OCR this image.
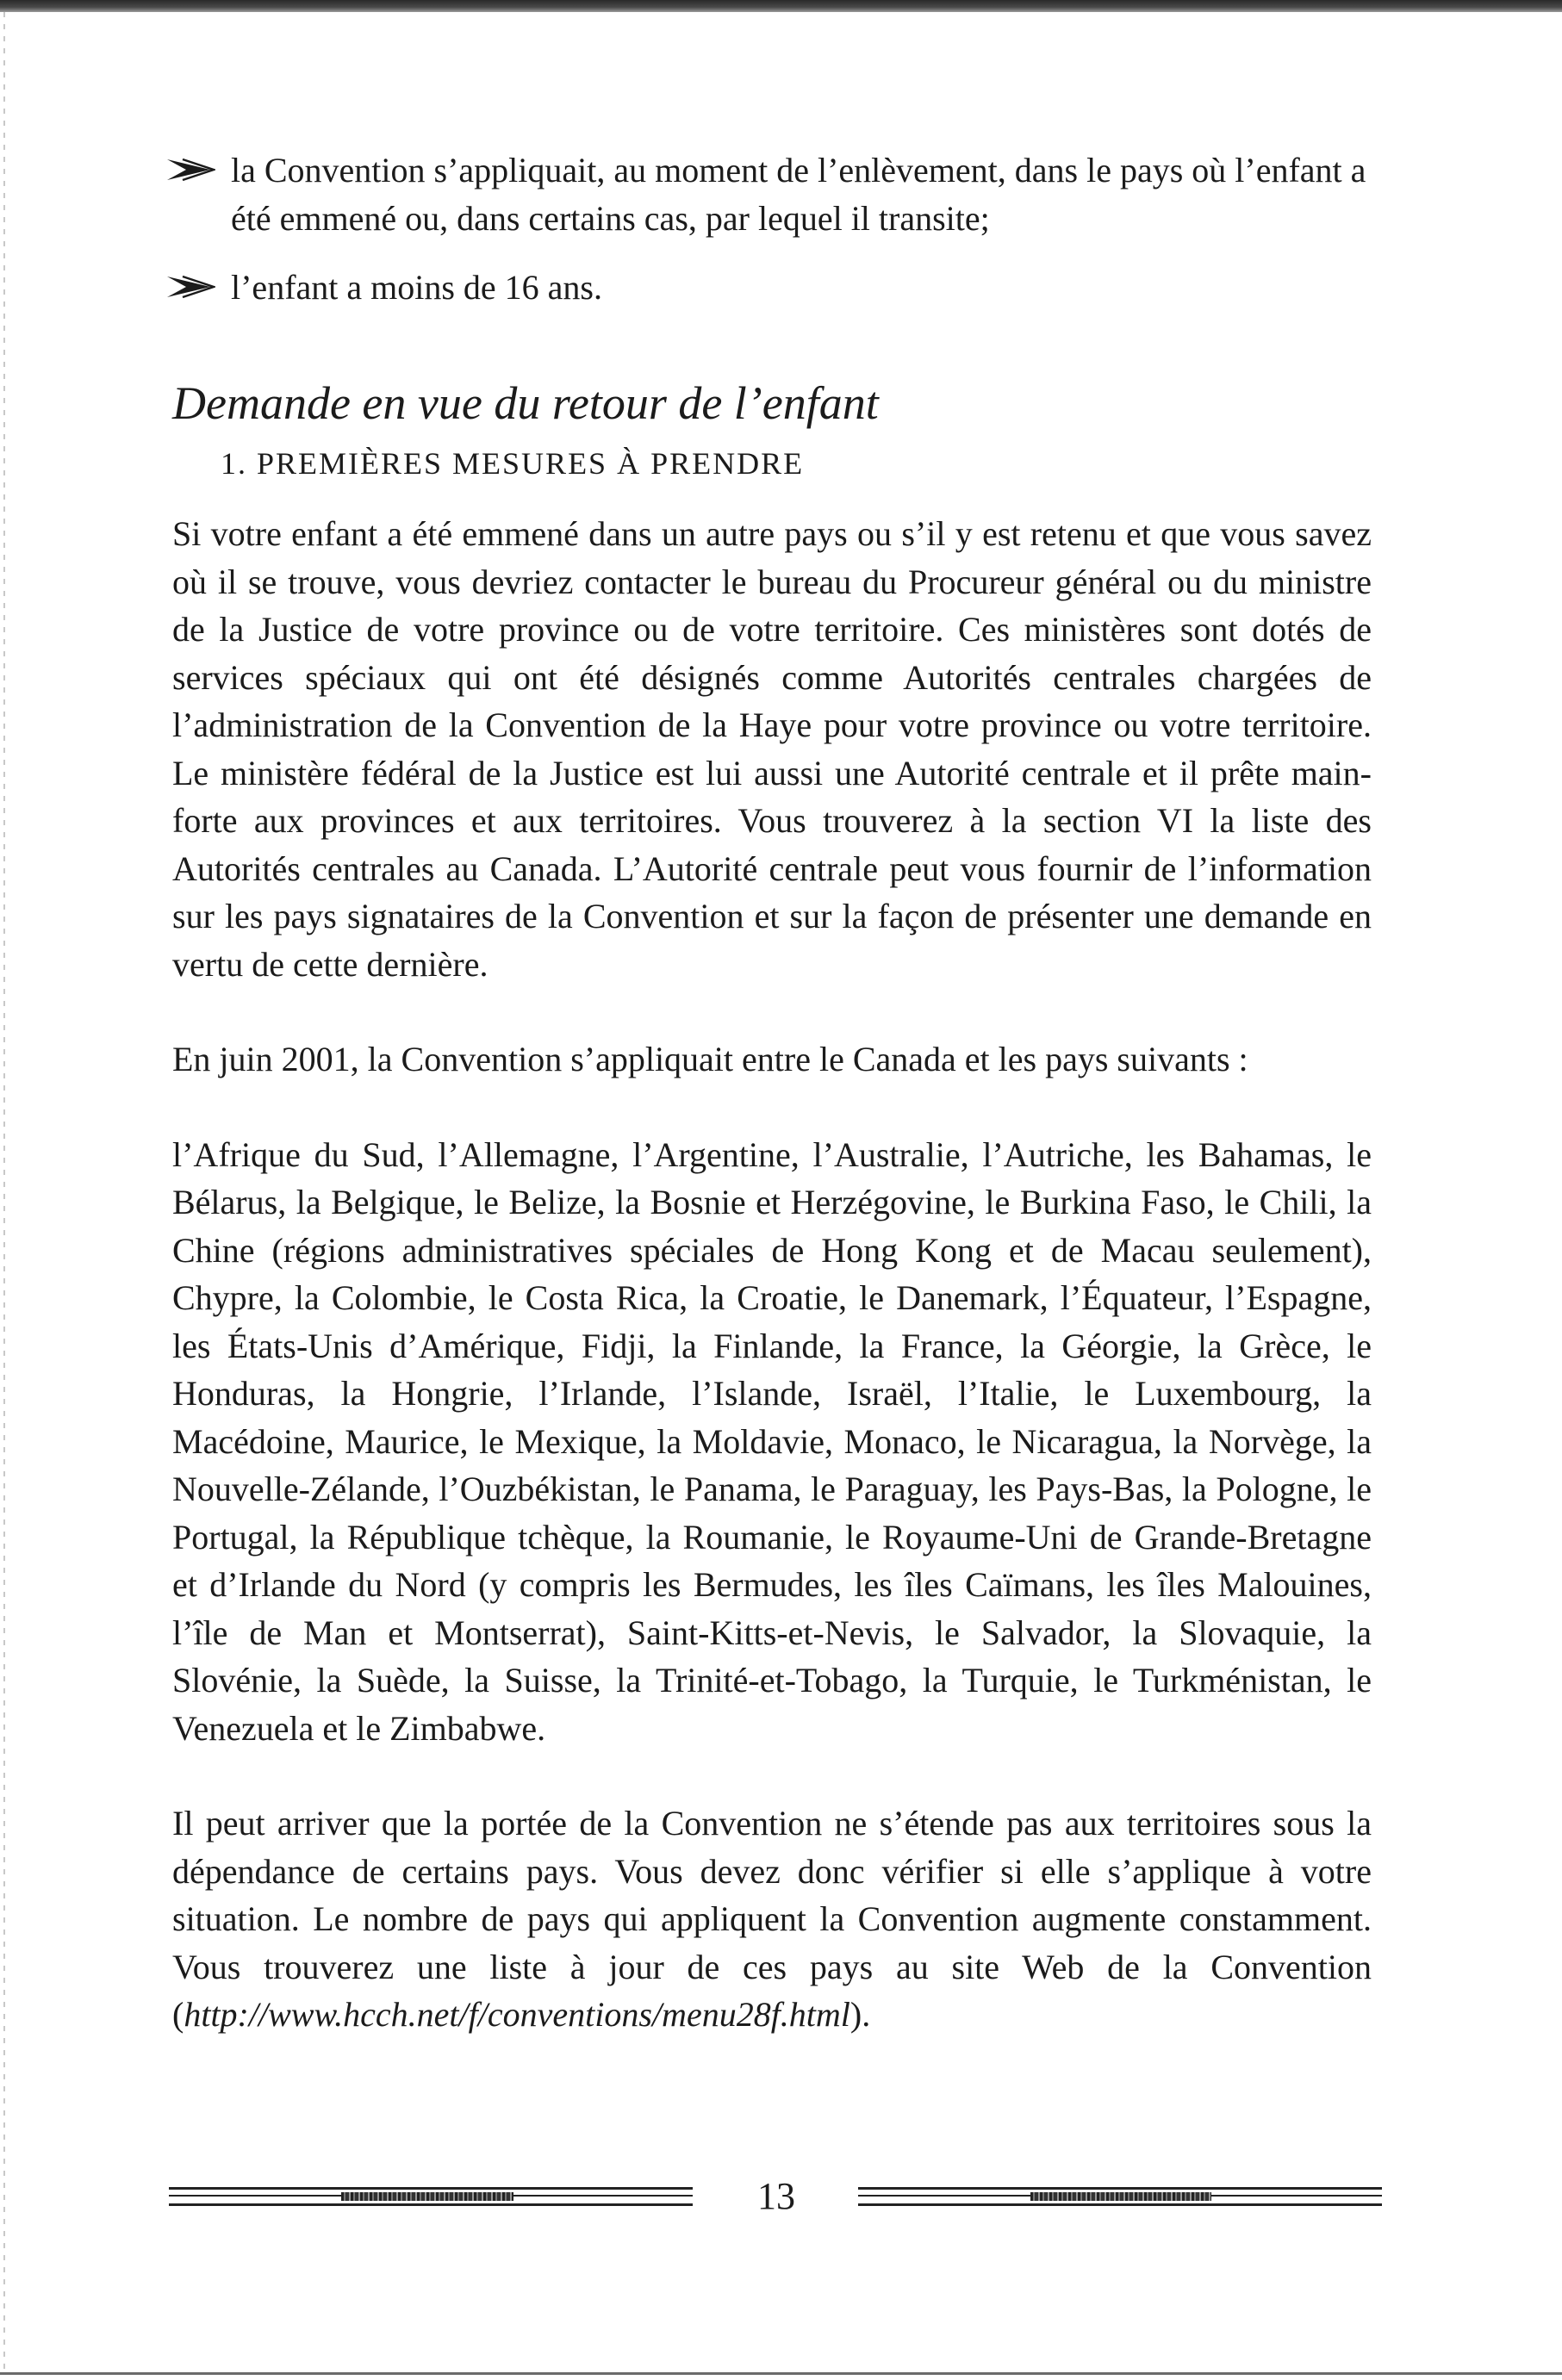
la Convention s’appliquait, au moment de l’enlèvement, dans le pays où l’enfant a été emmené ou, dans certains cas, par lequel il transite;
l’enfant a moins de 16 ans.
Demande en vue du retour de l’enfant
1. PREMIÈRES MESURES À PRENDRE

Si votre enfant a été emmené dans un autre pays ou s’il y est retenu et que vous savez où il se trouve, vous devriez contacter le bureau du Procureur général ou du ministre de la Justice de votre province ou de votre territoire. Ces ministères sont dotés de services spéciaux qui ont été désignés comme Autorités centrales chargées de l’administration de la Convention de la Haye pour votre province ou votre territoire. Le ministère fédéral de la Justice est lui aussi une Autorité centrale et il prête main-forte aux provinces et aux territoires. Vous trouverez à la section VI la liste des Autorités centrales au Canada. L’Autorité centrale peut vous fournir de l’information sur les pays signataires de la Convention et sur la façon de présenter une demande en vertu de cette dernière.

En juin 2001, la Convention s’appliquait entre le Canada et les pays suivants :

l’Afrique du Sud, l’Allemagne, l’Argentine, l’Australie, l’Autriche, les Bahamas, le Bélarus, la Belgique, le Belize, la Bosnie et Herzégovine, le Burkina Faso, le Chili, la Chine (régions administratives spéciales de Hong Kong et de Macau seulement), Chypre, la Colombie, le Costa Rica, la Croatie, le Danemark, l’Équateur, l’Espagne, les États-Unis d’Amérique, Fidji, la Finlande, la France, la Géorgie, la Grèce, le Honduras, la Hongrie, l’Irlande, l’Islande, Israël, l’Italie, le Luxembourg, la Macédoine, Maurice, le Mexique, la Moldavie, Monaco, le Nicaragua, la Norvège, la Nouvelle-Zélande, l’Ouzbékistan, le Panama, le Paraguay, les Pays-Bas, la Pologne, le Portugal, la République tchèque, la Roumanie, le Royaume-Uni de Grande-Bretagne et d’Irlande du Nord (y compris les Bermudes, les îles Caïmans, les îles Malouines, l’île de Man et Montserrat), Saint-Kitts-et-Nevis, le Salvador, la Slovaquie, la Slovénie, la Suède, la Suisse, la Trinité-et-Tobago, la Turquie, le Turkménistan, le Venezuela et le Zimbabwe.

Il peut arriver que la portée de la Convention ne s’étende pas aux territoires sous la dépendance de certains pays. Vous devez donc vérifier si elle s’applique à votre situation. Le nombre de pays qui appliquent la Convention augmente constamment. Vous trouverez une liste à jour de ces pays au site Web de la Convention (http://www.hcch.net/f/conventions/menu28f.html).

13
